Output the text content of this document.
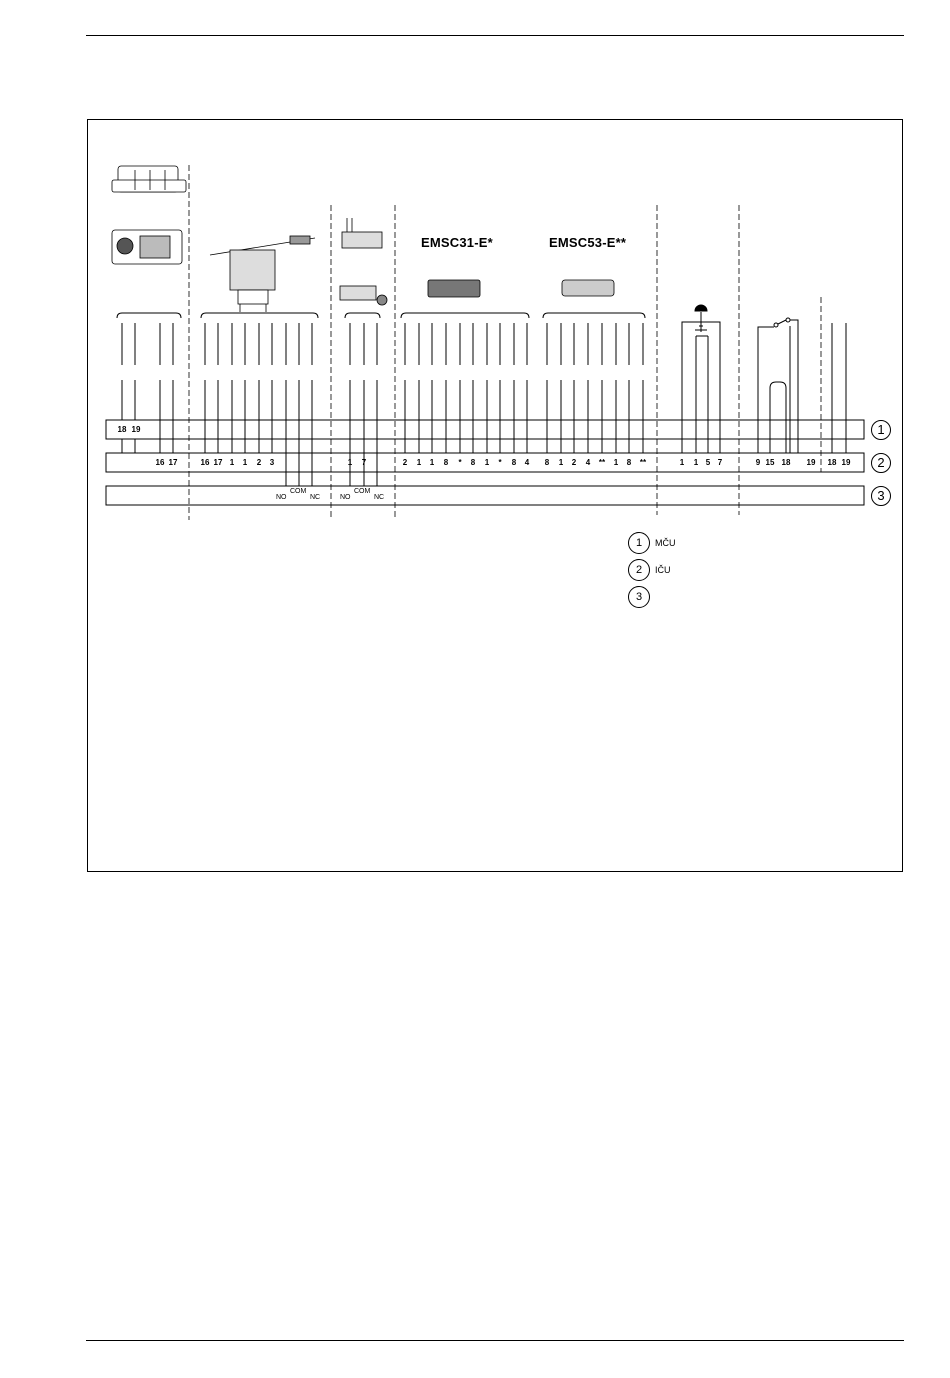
EMSC31-E*	EMSC53-E**
1
2
3
18 19
16 17	16 17 1	1	2	3	1	7	2	1	1	8	*	8	1	*	8	4	8	1	2	4	**	1	8	**	1	1 5 7	9 15 18 19 18 19
NO
COM
NC	NO
COM
NC
1	MČU
2	IČU
3
